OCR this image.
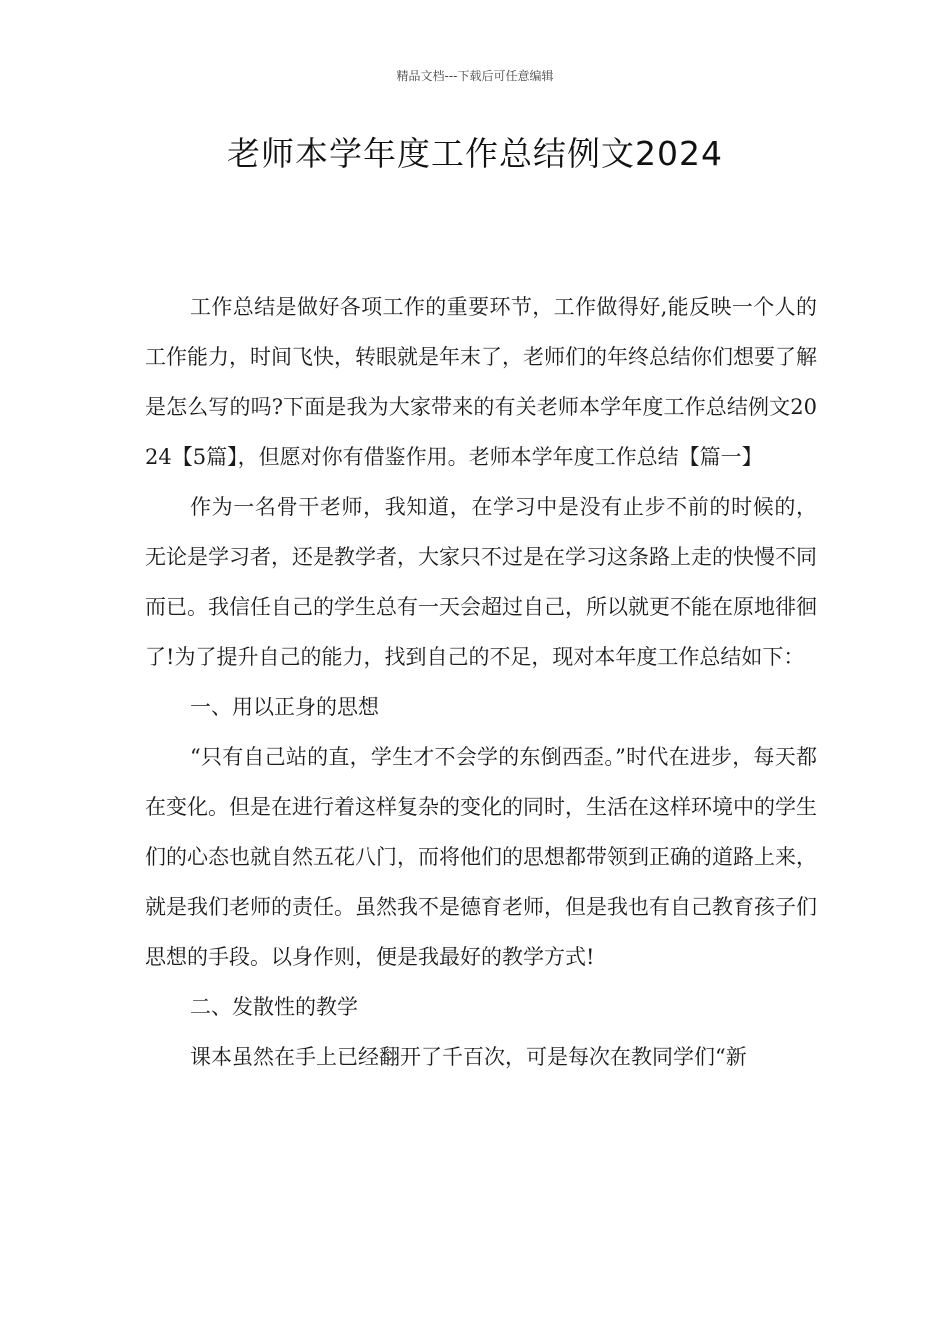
精品文档---下载后可任意编辑
老师本学年度工作总结例文2024

工作总结是做好各项工作的重要环节，工作做得好,能反映一个人的工作能力，时间飞快，转眼就是年末了，老师们的年终总结你们想要了解是怎么写的吗?下面是我为大家带来的有关老师本学年度工作总结例文2024【5篇】，但愿对你有借鉴作用。老师本学年度工作总结【篇一】

作为一名骨干老师，我知道，在学习中是没有止步不前的时候的，无论是学习者，还是教学者，大家只不过是在学习这条路上走的快慢不同而已。我信任自己的学生总有一天会超过自己，所以就更不能在原地徘徊了!为了提升自己的能力，找到自己的不足，现对本年度工作总结如下：

一、用以正身的思想

“只有自己站的直，学生才不会学的东倒西歪。”时代在进步，每天都在变化。但是在进行着这样复杂的变化的同时，生活在这样环境中的学生们的心态也就自然五花八门，而将他们的思想都带领到正确的道路上来，就是我们老师的责任。虽然我不是德育老师，但是我也有自己教育孩子们思想的手段。以身作则，便是我最好的教学方式!

二、发散性的教学

课本虽然在手上已经翻开了千百次，可是每次在教同学们“新
